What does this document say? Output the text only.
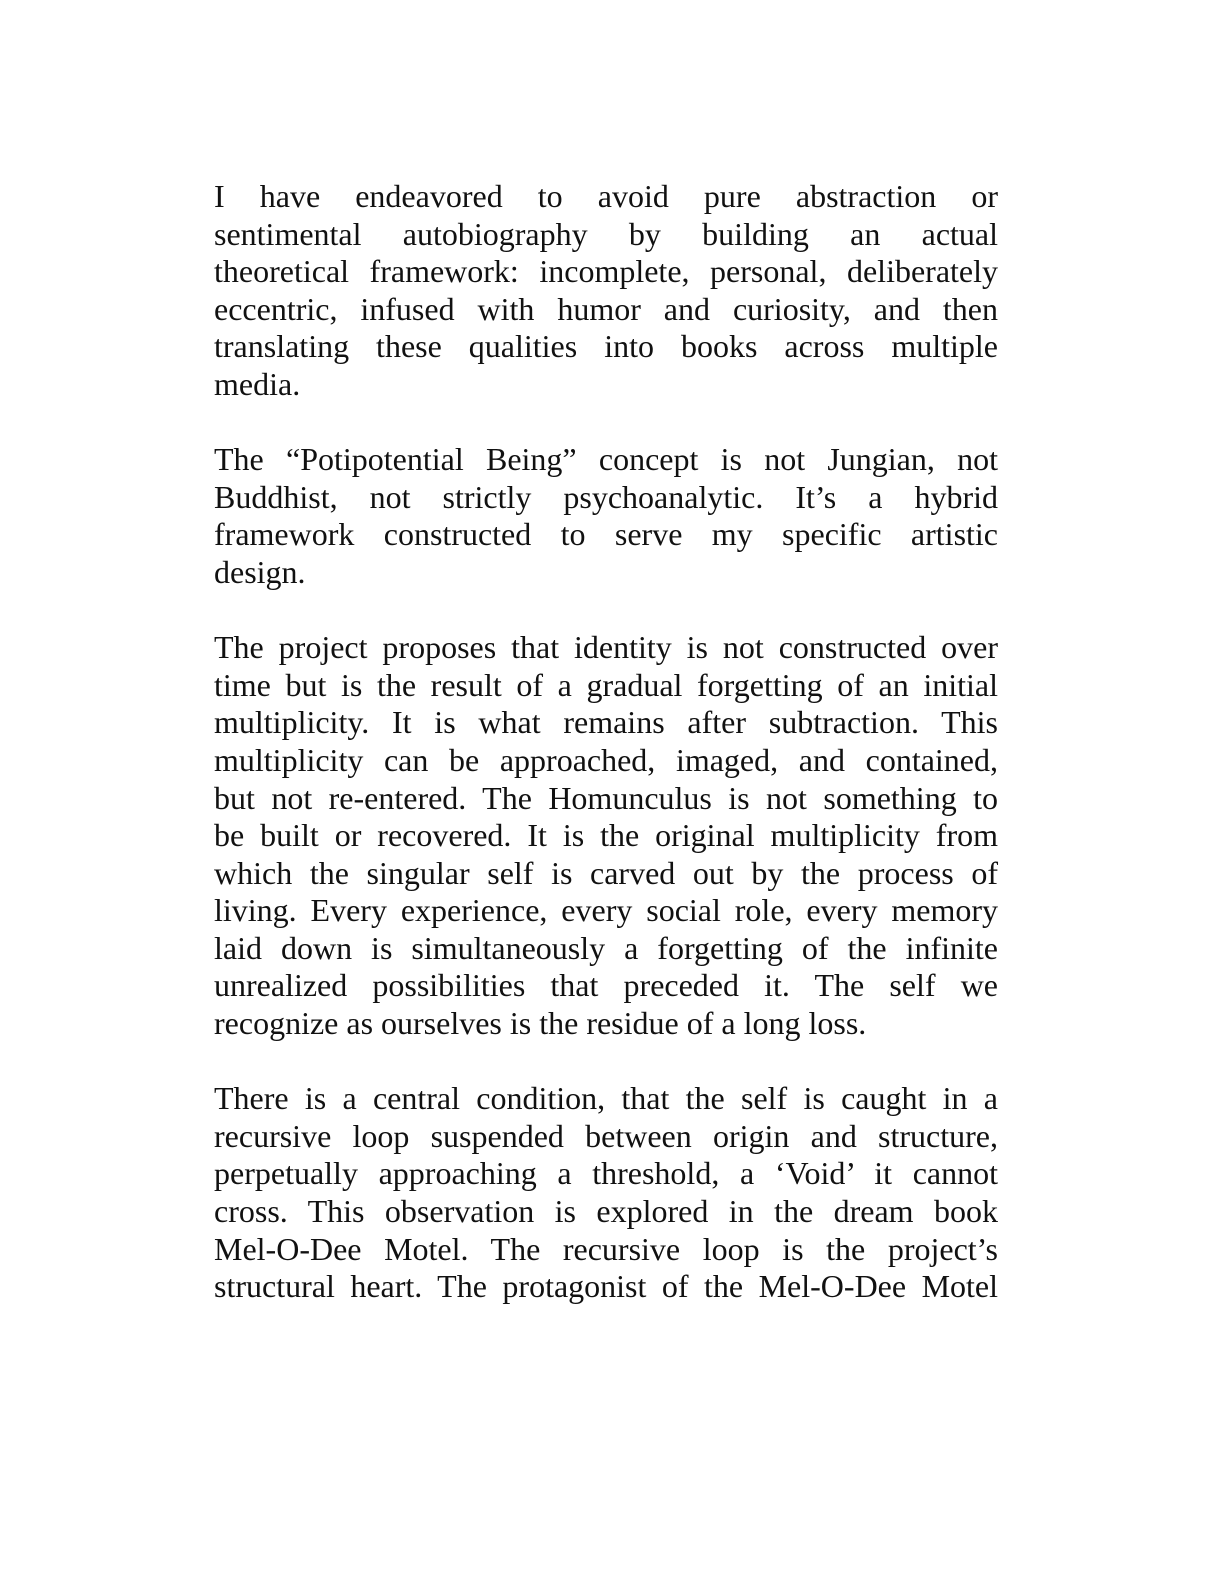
I have endeavored to avoid pure abstraction or
sentimental autobiography by building an actual
theoretical framework: incomplete, personal, deliberately
eccentric, infused with humor and curiosity, and then
translating these qualities into books across multiple
media.

The “Potipotential Being” concept is not Jungian, not
Buddhist, not strictly psychoanalytic. It’s a hybrid
framework constructed to serve my specific artistic
design.

The project proposes that identity is not constructed over
time but is the result of a gradual forgetting of an initial
multiplicity. It is what remains after subtraction. This
multiplicity can be approached, imaged, and contained,
but not re-entered. The Homunculus is not something to
be built or recovered. It is the original multiplicity from
which the singular self is carved out by the process of
living. Every experience, every social role, every memory
laid down is simultaneously a forgetting of the infinite
unrealized possibilities that preceded it. The self we
recognize as ourselves is the residue of a long loss.

There is a central condition, that the self is caught in a
recursive loop suspended between origin and structure,
perpetually approaching a threshold, a ‘Void’ it cannot
cross. This observation is explored in the dream book
Mel-O-Dee Motel. The recursive loop is the project’s
structural heart. The protagonist of the Mel-O-Dee Motel
